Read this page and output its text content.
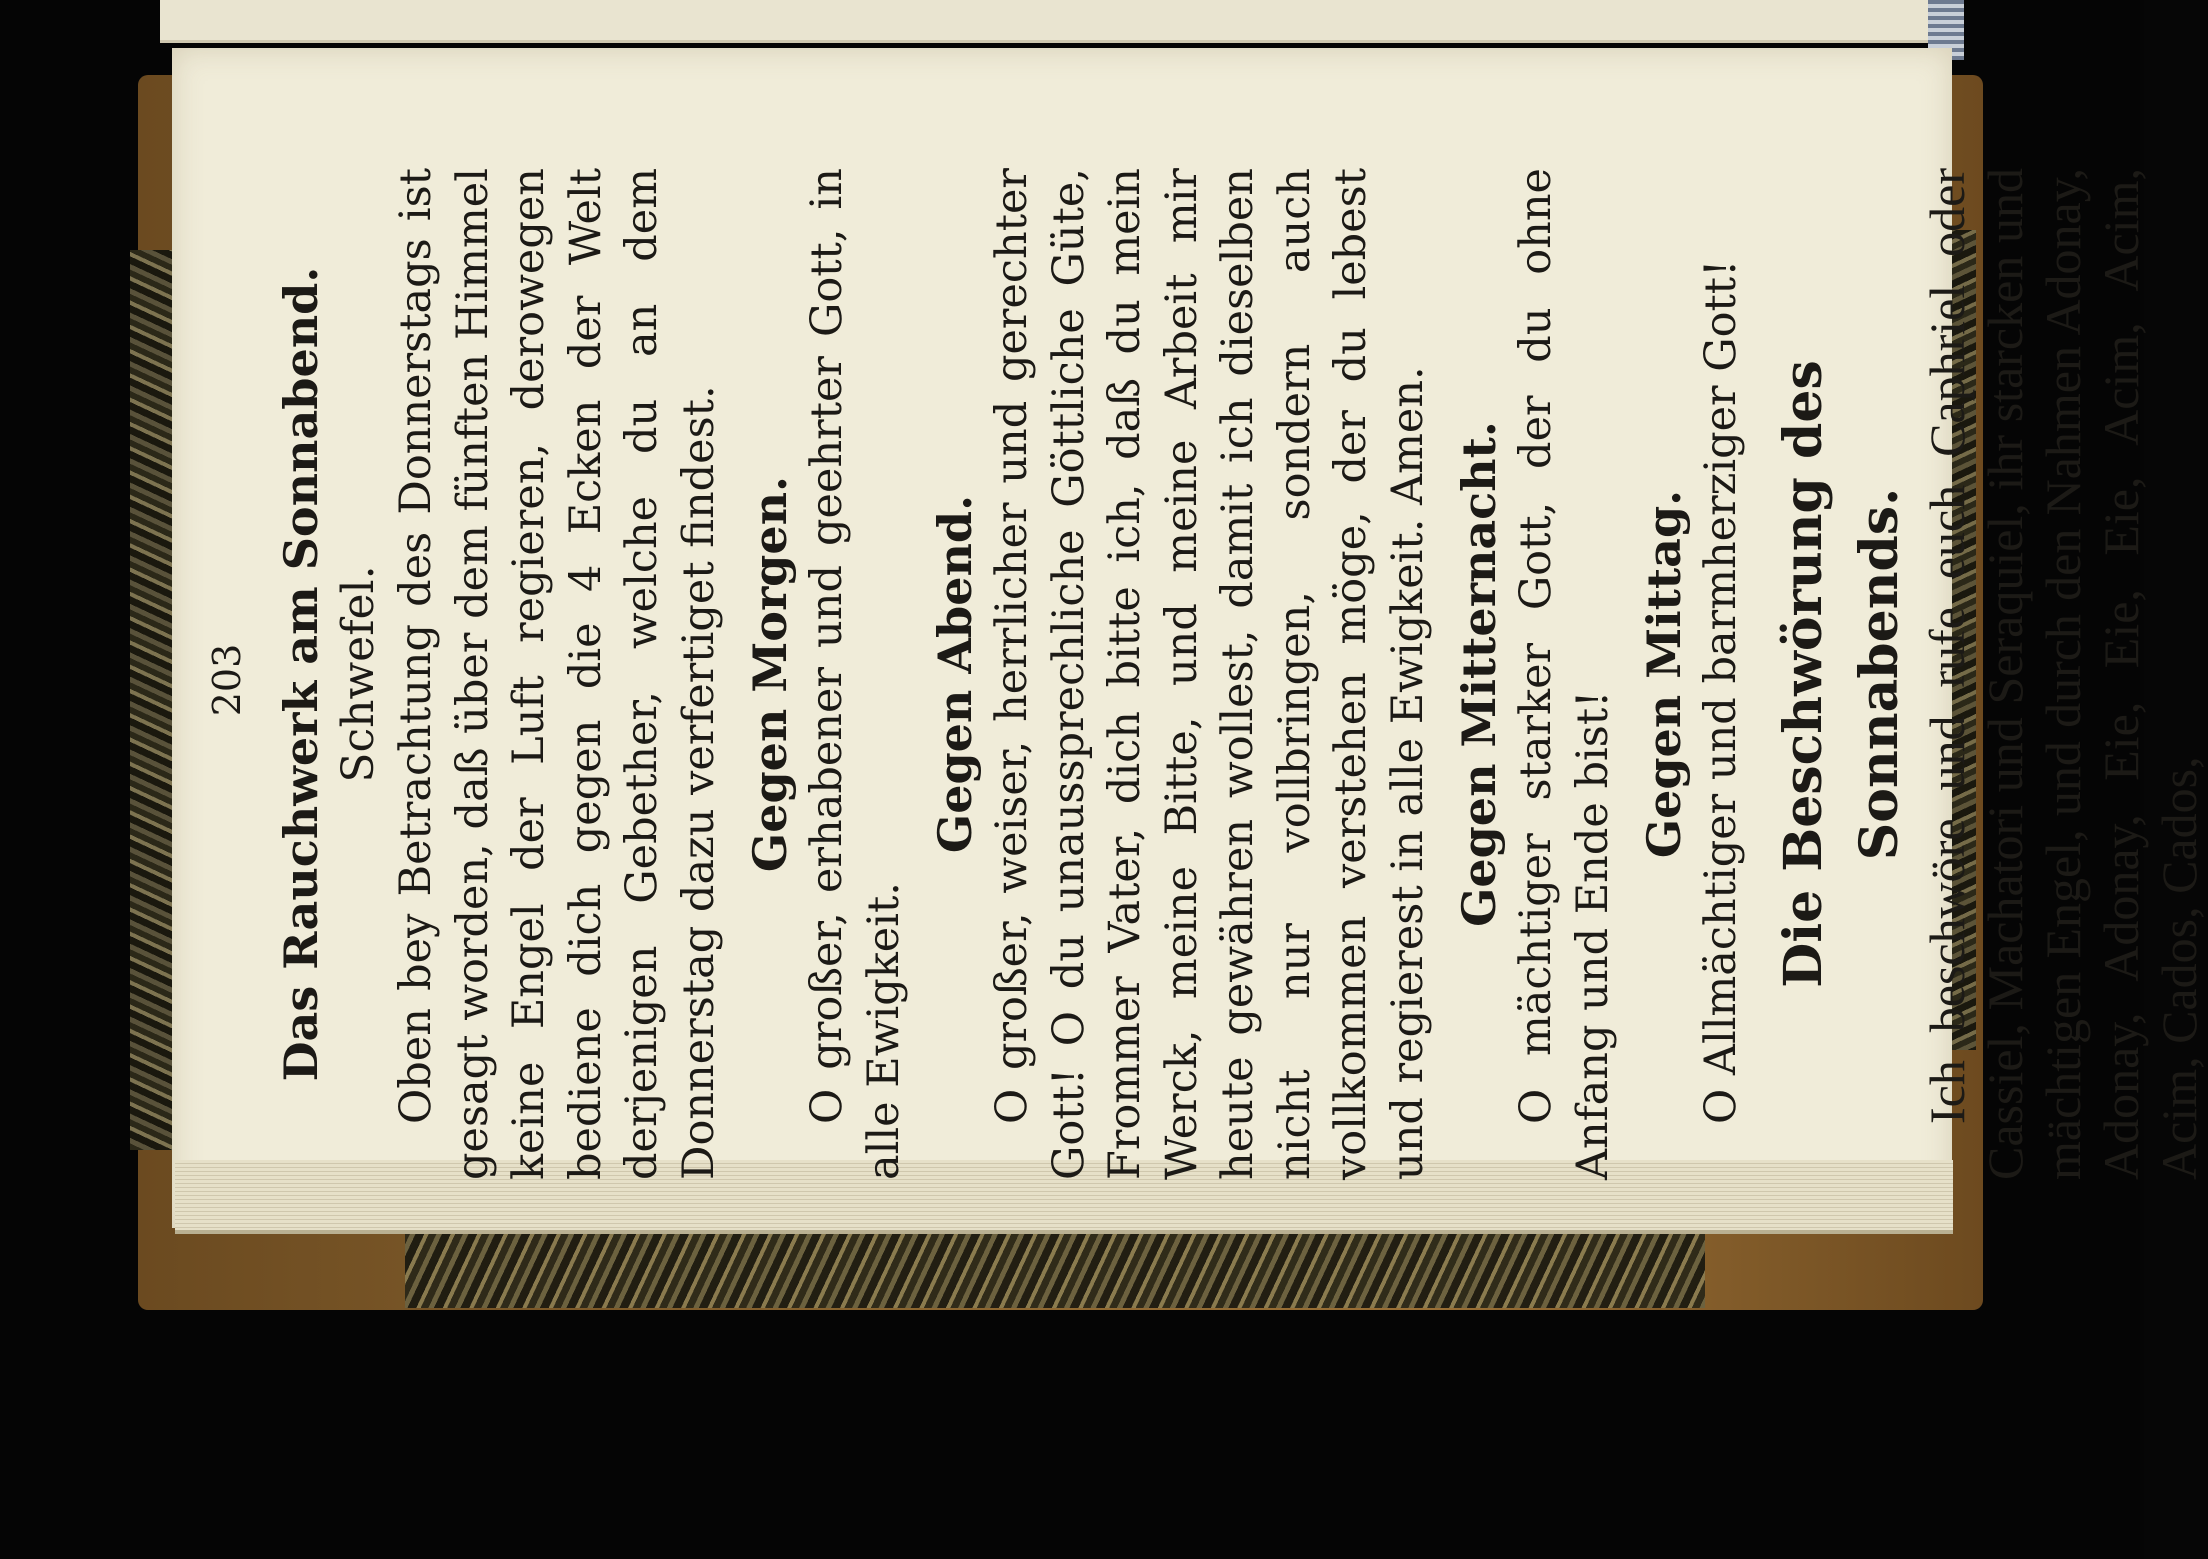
203 Das Rauchwerk am Sonnabend. Schwefel. Oben bey Betrachtung des Donnerstags ist gesagt worden, daß über dem fünften Himmel keine Engel der Luft regieren, derowegen bediene dich gegen die 4 Ecken der Welt derjenigen Gebether, welche du an dem Donnerstag dazu verfertiget findest. Gegen Morgen. O großer, erhabener und geehrter Gott, in alle Ewigkeit.

Gegen Abend. O großer, weiser, herrlicher und gerechter Gott! O du unaussprechliche Göttliche Güte, Frommer Vater, dich bitte ich, daß du mein Werck, meine Bitte, und meine Arbeit mir heute gewähren wollest, damit ich dieselben nicht nur vollbringen, sondern auch vollkommen verstehen möge, der du lebest und regierest in alle Ewigkeit. Amen. Gegen Mitternacht. O mächtiger starker Gott, der du ohne Anfang und Ende bist!

Gegen Mittag. O Allmächtiger und barmherziger Gott! Die Beschwörung des Sonnabends. Ich beschwöre und rufe euch Caphriel oder Cassiel, Machatori und Seraquiel, ihr starcken und mächtigen Engel, und durch den Nahmen Adonay, Adonay, Adonay, Eie, Eie, Eie, Acim, Acim, Acim, Cados, Cados,
